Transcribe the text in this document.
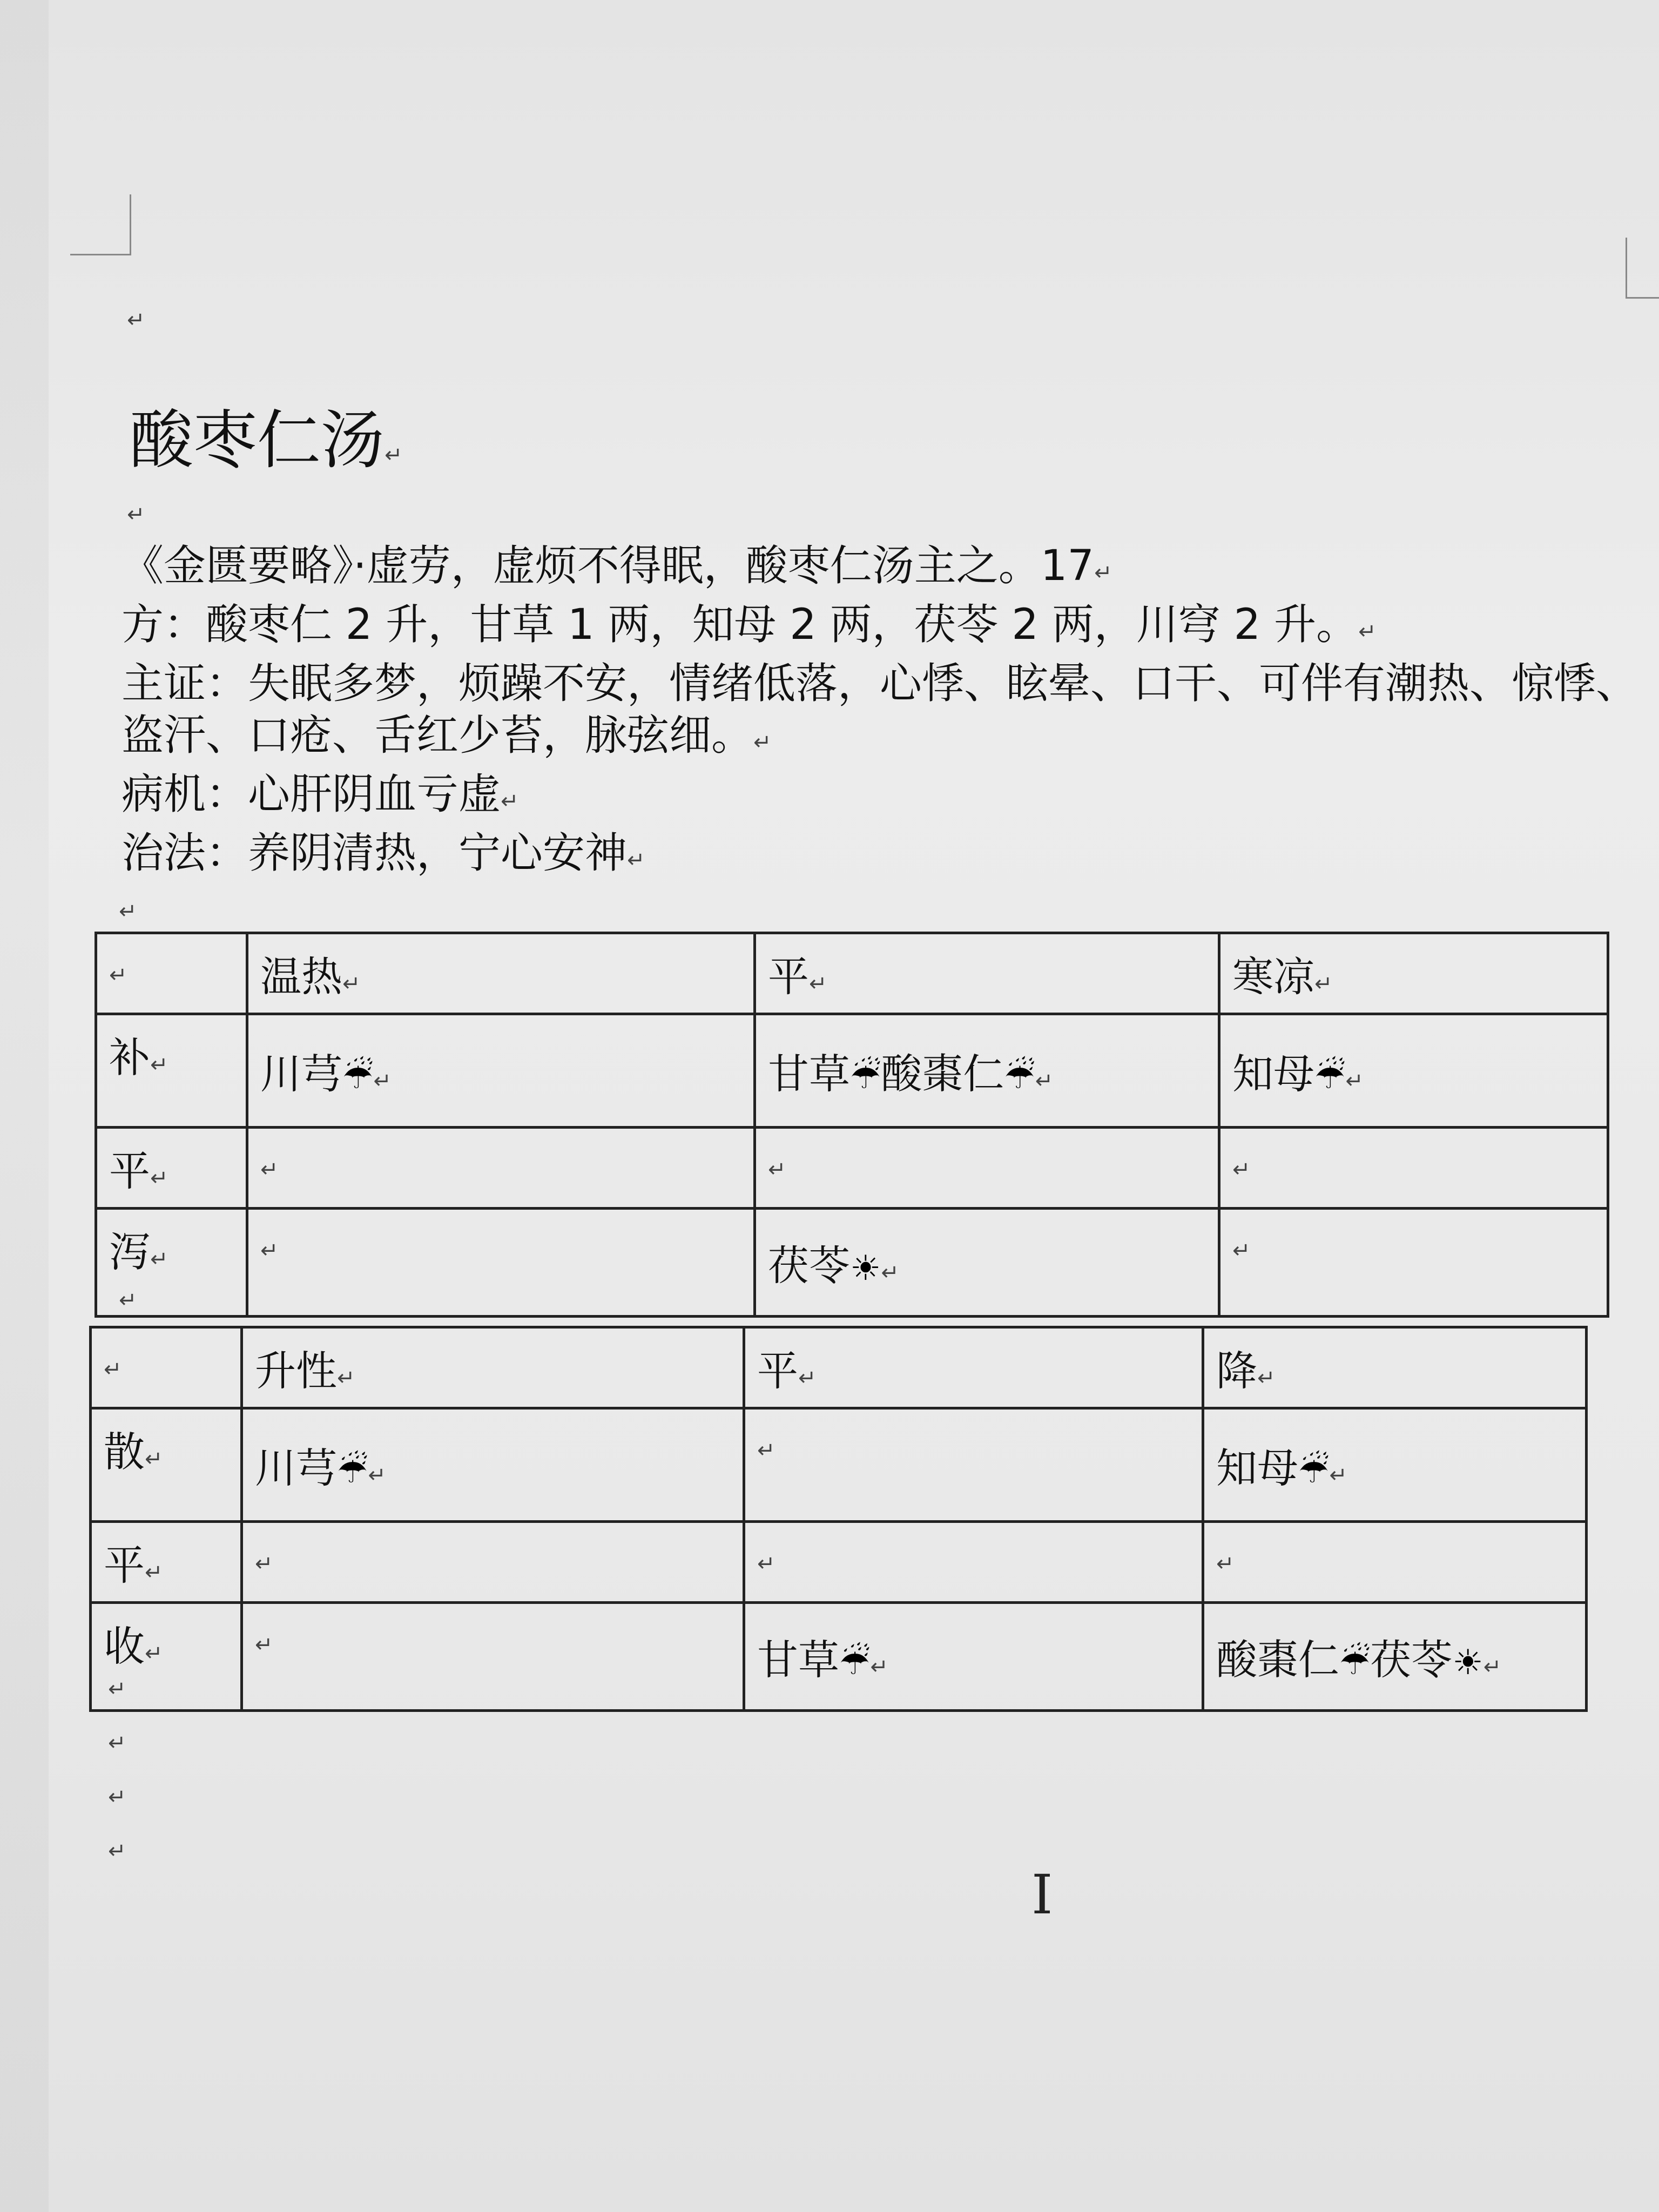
↵
酸枣仁汤↵
↵

《金匮要略》·虚劳，虚烦不得眠，酸枣仁汤主之。17↵

方：酸枣仁 2 升，甘草 1 两，知母 2 两，茯苓 2 两，川穹 2 升。↵

主证：失眠多梦，烦躁不安，情绪低落，心悸、眩晕、口干、可伴有潮热、惊悸、盗汗、口疮、舌红少苔，脉弦细。↵

病机：心肝阴血亏虚↵

治法：养阴清热，宁心安神↵

↵
↵	温热↵	平↵	寒凉↵
补↵	川芎☔↵	甘草☔酸棗仁☔↵	知母☔↵
平↵	↵	↵	↵
泻↵	↵	茯苓☀↵	↵
↵
↵	升性↵	平↵	降↵
散↵	川芎☔↵	↵	知母☔↵
平↵	↵	↵	↵
收↵	↵	甘草☔↵	酸棗仁☔茯苓☀↵
↵
↵
↵
↵
I
